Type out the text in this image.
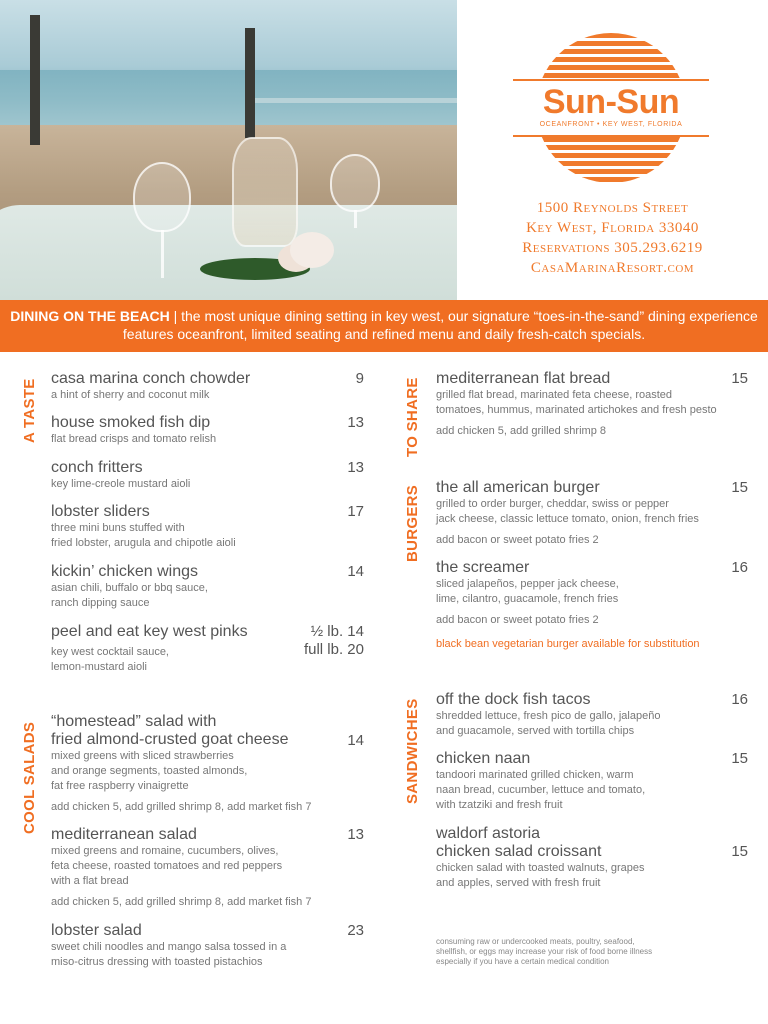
Sun-Sun
OCEANFRONT • KEY WEST, FLORIDA
1500 Reynolds Street
Key West, Florida 33040
Reservations 305.293.6219
CasaMarinaResort.com
DINING ON THE BEACH | the most unique dining setting in key west, our signature “toes-in-the-sand” dining experience features oceanfront, limited seating and refined menu and daily fresh-catch specials.
A TASTE
COOL SALADS
TO SHARE
BURGERS
SANDWICHES
casa marina conch chowder
a hint of sherry and coconut milk
9
house smoked fish dip
flat bread crisps and tomato relish
13
conch fritters
key lime-creole mustard aioli
13
lobster sliders
three mini buns stuffed with
fried lobster, arugula and chipotle aioli
17
kickin’ chicken wings
asian chili, buffalo or bbq sauce,
ranch dipping sauce
14
peel and eat key west pinks
key west cocktail sauce,
lemon-mustard aioli
½ lb. 14
full lb. 20
“homestead” salad with
fried almond-crusted goat cheese
mixed greens with sliced strawberries
and orange segments, toasted almonds,
fat free raspberry vinaigrette
add chicken 5, add grilled shrimp 8, add market fish 7
14
mediterranean salad
mixed greens and romaine, cucumbers, olives,
feta cheese, roasted tomatoes and red peppers
with a flat bread
add chicken 5, add grilled shrimp 8, add market fish 7
13
lobster salad
sweet chili noodles and mango salsa tossed in a
miso-citrus dressing with toasted pistachios
23
mediterranean flat bread
grilled flat bread, marinated feta cheese, roasted
tomatoes, hummus, marinated artichokes and fresh pesto
add chicken 5, add grilled shrimp 8
15
the all american burger
grilled to order burger, cheddar, swiss or pepper
jack cheese, classic lettuce tomato, onion, french fries
add bacon or sweet potato fries 2
15
the screamer
sliced jalapeños, pepper jack cheese,
lime, cilantro, guacamole, french fries
add bacon or sweet potato fries 2
16
black bean vegetarian burger available for substitution
off the dock fish tacos
shredded lettuce, fresh pico de gallo, jalapeño
and guacamole, served with tortilla chips
16
chicken naan
tandoori marinated grilled chicken, warm
naan bread, cucumber, lettuce and tomato,
with tzatziki and fresh fruit
15
waldorf astoria
chicken salad croissant
chicken salad with toasted walnuts, grapes
and apples, served with fresh fruit
15
consuming raw or undercooked meats, poultry, seafood,
shellfish, or eggs may increase your risk of food borne illness
especially if you have a certain medical condition
